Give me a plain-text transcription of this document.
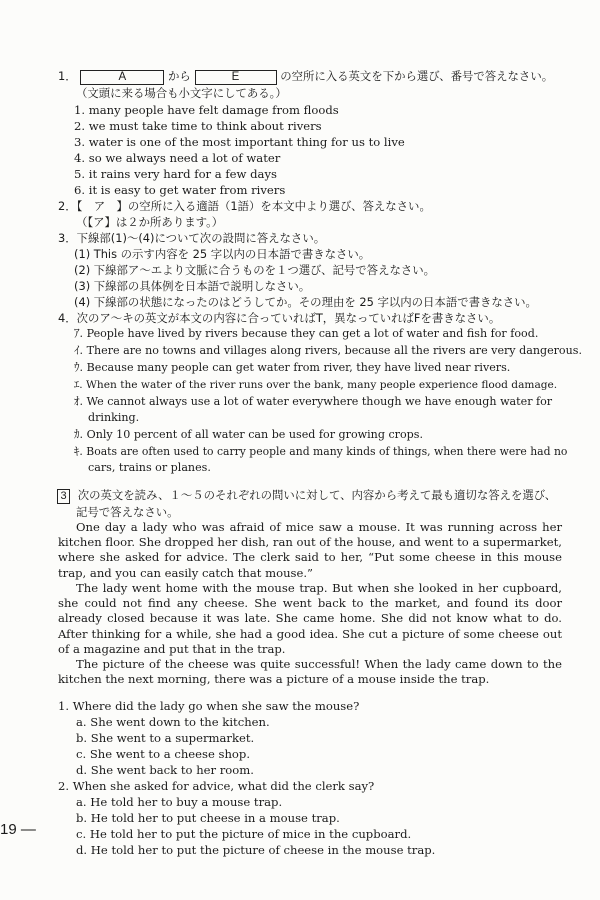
1．	A	から	E	の空所に入る英文を下から選び、番号で答えなさい。
（文頭に来る場合も小文字にしてある。）
1. many people have felt damage from floods
2. we must take time to think about rivers
3. water is one of the most important thing for us to live
4. so we always need a lot of water
5. it rains very hard for a few days
6. it is easy to get water from rivers
2．【　ア　】の空所に入る適語（1語）を本文中より選び、答えなさい。
（【ア】は２か所あります。）
3．下線部(1)～(4)について次の設問に答えなさい。
(1) This の示す内容を 25 字以内の日本語で書きなさい。
(2) 下線部ア～エより文脈に合うものを１つ選び、記号で答えなさい。
(3) 下線部の具体例を日本語で説明しなさい。
(4) 下線部の状態になったのはどうしてか。その理由を 25 字以内の日本語で書きなさい。
4．次のア～キの英文が本文の内容に合っていればT，異なっていればFを書きなさい。
ｱ. People have lived by rivers because they can get a lot of water and fish for food.
ｲ. There are no towns and villages along rivers, because all the rivers are very dangerous.
ｳ. Because many people can get water from river, they have lived near rivers.
ｴ. When the water of the river runs over the bank, many people experience flood damage.
ｵ. We cannot always use a lot of water everywhere though we have enough water for
drinking.
ｶ. Only 10 percent of all water can be used for growing crops.
ｷ. Boats are often used to carry people and many kinds of things, when there were had no
cars, trains or planes.
3 次の英文を読み、１～５のそれぞれの問いに対して、内容から考えて最も適切な答えを選び、
記号で答えなさい。
One day a lady who was afraid of mice saw a mouse. It was running across her kitchen floor. She dropped her dish, ran out of the house, and went to a supermarket, where she asked for advice. The clerk said to her, “Put some cheese in this mouse trap, and you can easily catch that mouse.”
The lady went home with the mouse trap. But when she looked in her cupboard, she could not find any cheese. She went back to the market, and found its door already closed because it was late. She came home. She did not know what to do. After thinking for a while, she had a good idea. She cut a picture of some cheese out of a magazine and put that in the trap.
The picture of the cheese was quite successful! When the lady came down to the kitchen the next morning, there was a picture of a mouse inside the trap.
1. Where did the lady go when she saw the mouse?
a. She went down to the kitchen.
b. She went to a supermarket.
c. She went to a cheese shop.
d. She went back to her room.
2. When she asked for advice, what did the clerk say?
a. He told her to buy a mouse trap.
b. He told her to put cheese in a mouse trap.
c. He told her to put the picture of mice in the cupboard.
d. He told her to put the picture of cheese in the mouse trap.
19 —
